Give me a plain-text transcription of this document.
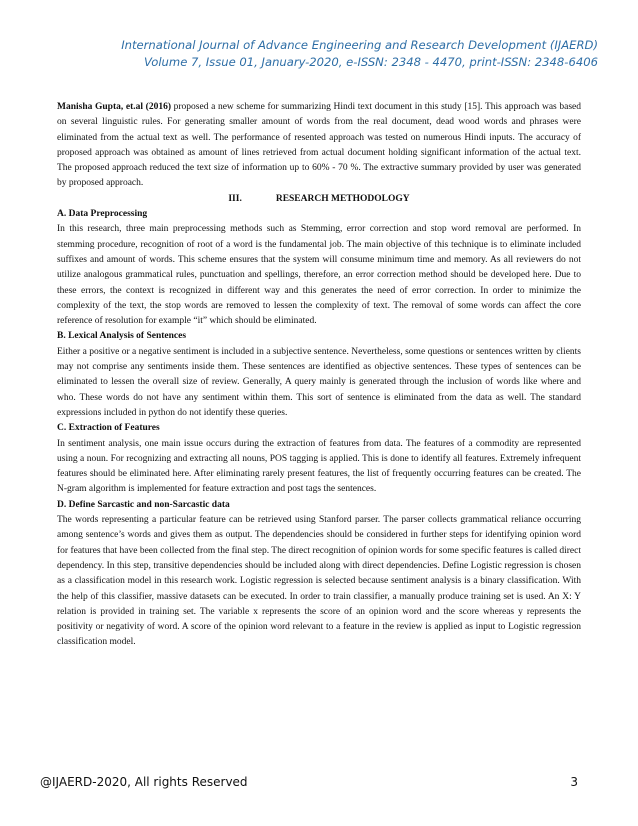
International Journal of Advance Engineering and Research Development (IJAERD)
Volume 7, Issue 01, January-2020, e-ISSN: 2348 - 4470, print-ISSN: 2348-6406

Manisha Gupta, et.al (2016) proposed a new scheme for summarizing Hindi text document in this study [15]. This approach was based on several linguistic rules. For generating smaller amount of words from the real document, dead wood words and phrases were eliminated from the actual text as well. The performance of resented approach was tested on numerous Hindi inputs. The accuracy of proposed approach was obtained as amount of lines retrieved from actual document holding significant information of the actual text. The proposed approach reduced the text size of information up to 60% - 70 %. The extractive summary provided by user was generated by proposed approach.

III.	RESEARCH METHODOLOGY

A. Data Preprocessing

In this research, three main preprocessing methods such as Stemming, error correction and stop word removal are performed. In stemming procedure, recognition of root of a word is the fundamental job. The main objective of this technique is to eliminate included suffixes and amount of words. This scheme ensures that the system will consume minimum time and memory. As all reviewers do not utilize analogous grammatical rules, punctuation and spellings, therefore, an error correction method should be developed here. Due to these errors, the context is recognized in different way and this generates the need of error correction. In order to minimize the complexity of the text, the stop words are removed to lessen the complexity of text. The removal of some words can affect the core reference of resolution for example “it” which should be eliminated.

B. Lexical Analysis of Sentences

Either a positive or a negative sentiment is included in a subjective sentence. Nevertheless, some questions or sentences written by clients may not comprise any sentiments inside them. These sentences are identified as objective sentences. These types of sentences can be eliminated to lessen the overall size of review. Generally, A query mainly is generated through the inclusion of words like where and who. These words do not have any sentiment within them. This sort of sentence is eliminated from the data as well. The standard expressions included in python do not identify these queries.

C. Extraction of Features

In sentiment analysis, one main issue occurs during the extraction of features from data. The features of a commodity are represented using a noun. For recognizing and extracting all nouns, POS tagging is applied. This is done to identify all features. Extremely infrequent features should be eliminated here. After eliminating rarely present features, the list of frequently occurring features can be created. The N-gram algorithm is implemented for feature extraction and post tags the sentences.

D. Define Sarcastic and non-Sarcastic data

The words representing a particular feature can be retrieved using Stanford parser. The parser collects grammatical reliance occurring among sentence’s words and gives them as output. The dependencies should be considered in further steps for identifying opinion word for features that have been collected from the final step. The direct recognition of opinion words for some specific features is called direct dependency. In this step, transitive dependencies should be included along with direct dependencies. Define Logistic regression is chosen as a classification model in this research work. Logistic regression is selected because sentiment analysis is a binary classification. With the help of this classifier, massive datasets can be executed. In order to train classifier, a manually produce training set is used. An X: Y relation is provided in training set. The variable x represents the score of an opinion word and the score whereas y represents the positivity or negativity of word. A score of the opinion word relevant to a feature in the review is applied as input to Logistic regression classification model.

@IJAERD-2020, All rights Reserved	3
